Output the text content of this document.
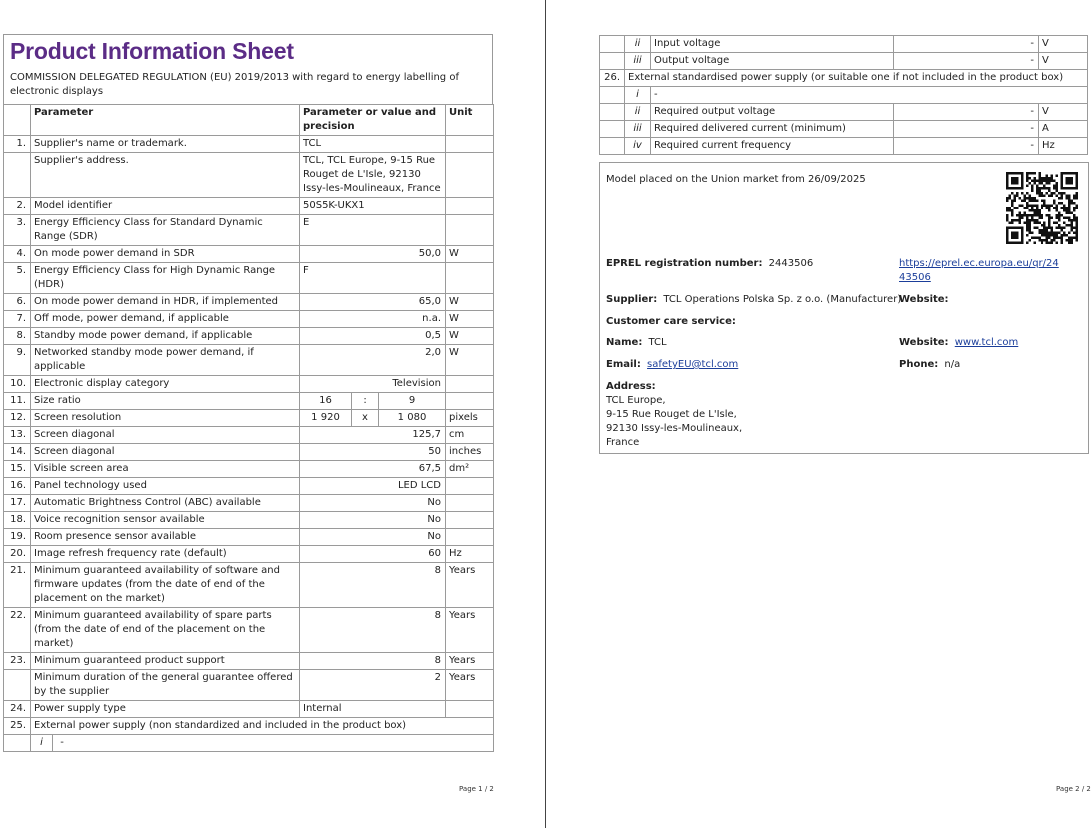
Product Information Sheet
COMMISSION DELEGATED REGULATION (EU) 2019/2013 with regard to energy labelling of electronic displays
	Parameter	Parameter or value and precision			Unit
1.	Supplier's name or trademark.	TCL			
	Supplier's address.	TCL, TCL Europe, 9-15 Rue Rouget de L'Isle, 92130 Issy-les-Moulineaux, France			
2.	Model identifier	50S5K-UKX1			
3.	Energy Efficiency Class for Standard Dynamic Range (SDR)	E			
4.	On mode power demand in SDR	50,0			W
5.	Energy Efficiency Class for High Dynamic Range (HDR)	F			
6.	On mode power demand in HDR, if implemented	65,0			W
7.	Off mode, power demand, if applicable	n.a.			W
8.	Standby mode power demand, if applicable	0,5			W
9.	Networked standby mode power demand, if applicable	2,0			W
10.	Electronic display category	Television			
11.	Size ratio	16	:	9	
12.	Screen resolution	1 920	x	1 080	pixels
13.	Screen diagonal	125,7			cm
14.	Screen diagonal	50			inches
15.	Visible screen area	67,5			dm²
16.	Panel technology used	LED LCD			
17.	Automatic Brightness Control (ABC) available	No			
18.	Voice recognition sensor available	No			
19.	Room presence sensor available	No			
20.	Image refresh frequency rate (default)	60			Hz
21.	Minimum guaranteed availability of software and firmware updates (from the date of end of the placement on the market)	8			Years
22.	Minimum guaranteed availability of spare parts (from the date of end of the placement on the market)	8			Years
23.	Minimum guaranteed product support	8			Years
	Minimum duration of the general guarantee offered by the supplier	2			Years
24.	Power supply type	Internal			
25.	External power supply (non standardized and included in the product box)				
	i -				
Page 1 / 2
	ii	Input voltage	-	V
	iii	Output voltage	-	V
26.	External standardised power supply (or suitable one if not included in the product box)			
	i	-		
	ii	Required output voltage	-	V
	iii	Required delivered current (minimum)	-	A
	iv	Required current frequency	-	Hz
Model placed on the Union market from 26/09/2025
EPREL registration number: 2443506	https://eprel.ec.europa.eu/qr/24
43506
Supplier: TCL Operations Polska Sp. z o.o. (Manufacturer)
Website:
Customer care service:
Name: TCL	Website: www.tcl.com
Email: safetyEU@tcl.com	Phone: n/a
Address:
TCL Europe,
9-15 Rue Rouget de L'Isle,
92130 Issy-les-Moulineaux,
France
Page 2 / 2
